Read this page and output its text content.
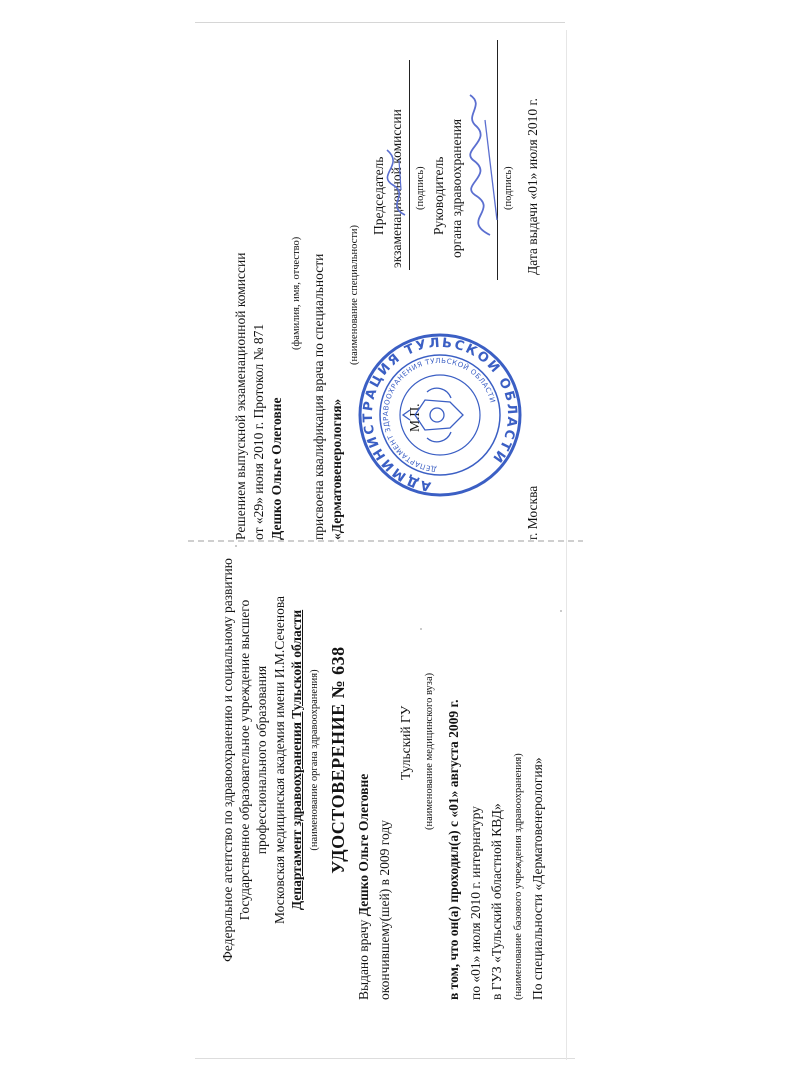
Федеральное агентство по здравоохранению и социальному развитию Государственное образовательное учреждение высшего профессионального образования Московская медицинская академия имени И.М.Сеченова Департамент здравоохранения Тульской области (наименование органа здравоохранения) УДОСТОВЕРЕНИЕ № 638
Выдано врачу Дешко Ольге Олеговне окончившему(шей) в 2009 году
Тульский ГУ (наименование медицинского вуза) в том, что он(а) проходил(а) с «01» августа 2009 г. по «01» июля 2010 г. интернатуру в ГУЗ «Тульский областной КВД» (наименование базового учреждения здравоохранения) По специальности «Дерматовенерология»
Решением выпускной экзаменационной комиссии от «29» июня 2010 г. Протокол № 871 Дешко Ольге Олеговне
(фамилия, имя, отчество) присвоена квалификация врача по специальности «Дерматовенерология»
(наименование специальности)
Председатель экзаменационной комиссии (подпись) Руководитель органа здравоохранения	(подпись)
М.П.
г. Москва
Дата выдачи «01» июля 2010 г.
АДМИНИСТРАЦИЯ ТУЛЬСКОЙ ОБЛАСТИ
ДЕПАРТАМЕНТ ЗДРАВООХРАНЕНИЯ ТУЛЬСКОЙ ОБЛАСТИ
